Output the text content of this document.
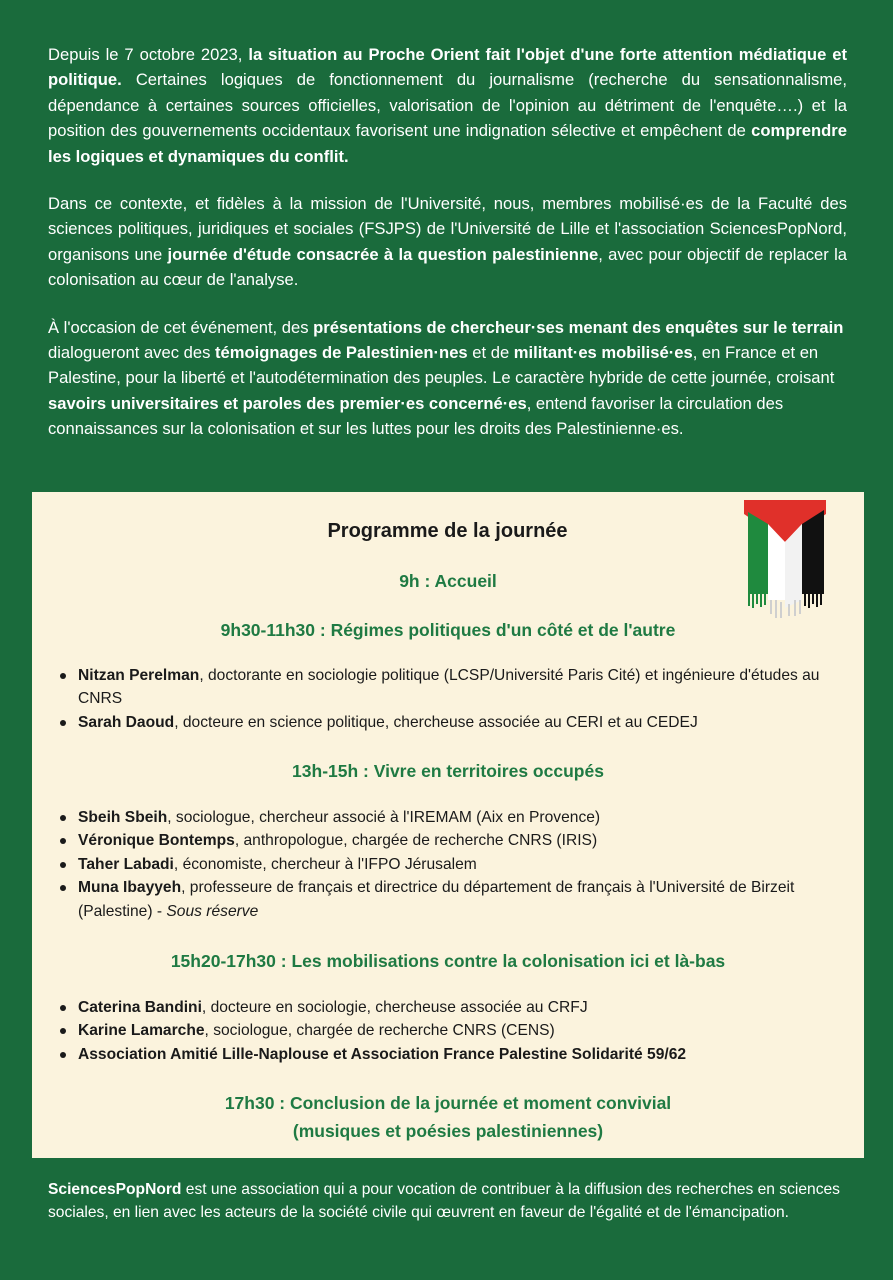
Depuis le 7 octobre 2023, la situation au Proche Orient fait l'objet d'une forte attention médiatique et politique. Certaines logiques de fonctionnement du journalisme (recherche du sensationnalisme, dépendance à certaines sources officielles, valorisation de l'opinion au détriment de l'enquête….) et la position des gouvernements occidentaux favorisent une indignation sélective et empêchent de comprendre les logiques et dynamiques du conflit.

Dans ce contexte, et fidèles à la mission de l'Université, nous, membres mobilisé·es de la Faculté des sciences politiques, juridiques et sociales (FSJPS) de l'Université de Lille et l'association SciencesPopNord, organisons une journée d'étude consacrée à la question palestinienne, avec pour objectif de replacer la colonisation au cœur de l'analyse.

À l'occasion de cet événement, des présentations de chercheur·ses menant des enquêtes sur le terrain dialogueront avec des témoignages de Palestinien·nes et de militant·es mobilisé·es, en France et en Palestine, pour la liberté et l'autodétermination des peuples. Le caractère hybride de cette journée, croisant savoirs universitaires et paroles des premier·es concerné·es, entend favoriser la circulation des connaissances sur la colonisation et sur les luttes pour les droits des Palestinienne·es.

Programme de la journée
9h : Accueil
9h30-11h30 : Régimes politiques d'un côté et de l'autre
Nitzan Perelman, doctorante en sociologie politique (LCSP/Université Paris Cité) et ingénieure d'études au CNRS
Sarah Daoud, docteure en science politique, chercheuse associée au CERI et au CEDEJ
13h-15h : Vivre en territoires occupés
Sbeih Sbeih, sociologue, chercheur associé à l'IREMAM (Aix en Provence)
Véronique Bontemps, anthropologue, chargée de recherche CNRS (IRIS)
Taher Labadi, économiste, chercheur à l'IFPO Jérusalem
Muna Ibayyeh, professeure de français et directrice du département de français à l'Université de Birzeit (Palestine) - Sous réserve
15h20-17h30 : Les mobilisations contre la colonisation ici et là-bas
Caterina Bandini, docteure en sociologie, chercheuse associée au CRFJ
Karine Lamarche, sociologue, chargée de recherche CNRS (CENS)
Association Amitié Lille-Naplouse et Association France Palestine Solidarité 59/62
17h30 : Conclusion de la journée et moment convivial
(musiques et poésies palestiniennes)

SciencesPopNord est une association qui a pour vocation de contribuer à la diffusion des recherches en sciences sociales, en lien avec les acteurs de la société civile qui œuvrent en faveur de l'égalité et de l'émancipation.
